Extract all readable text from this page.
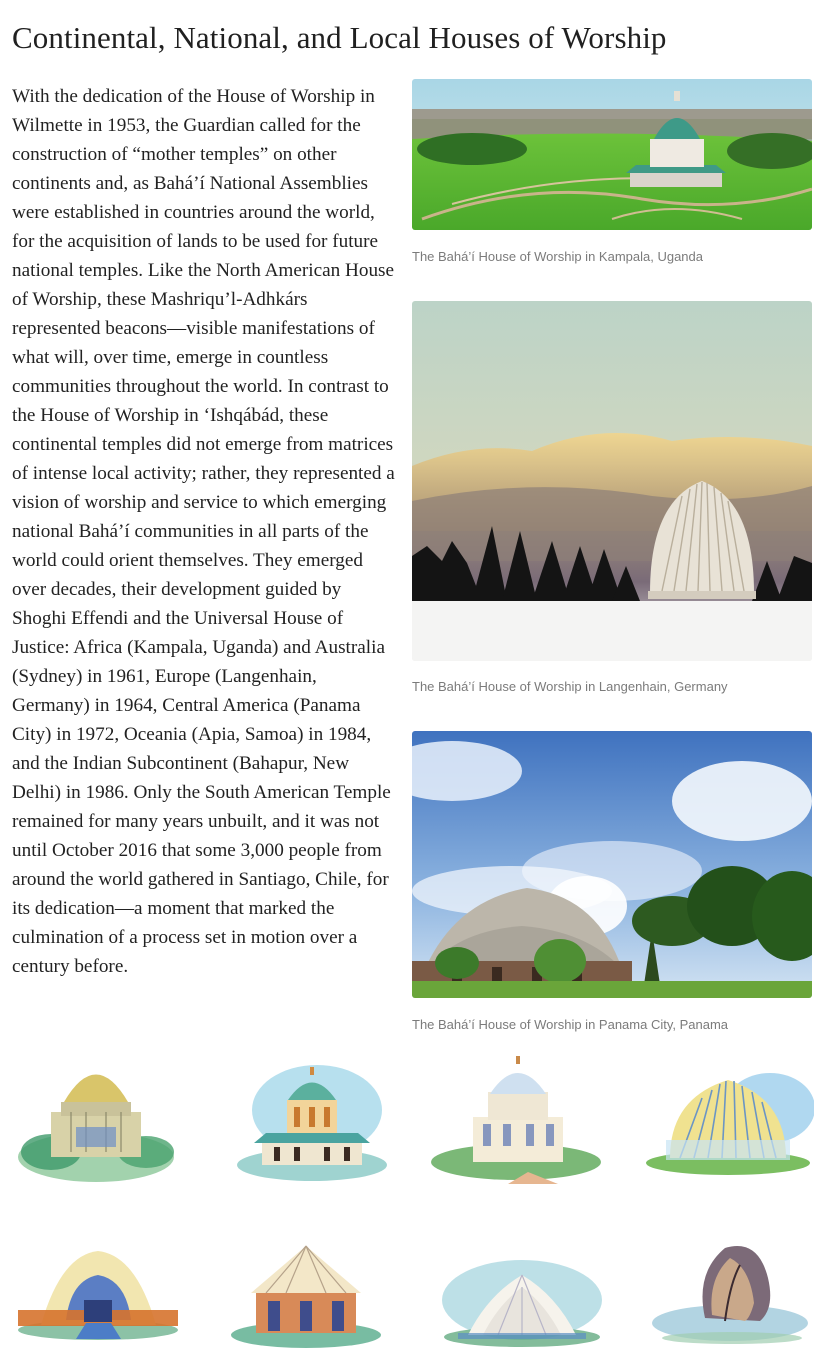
Continental, National, and Local Houses of Worship

With the dedication of the House of Worship in Wilmette in 1953, the Guardian called for the construction of “mother temples” on other continents and, as Bahá’í National Assemblies were established in countries around the world, for the acquisition of lands to be used for future national temples. Like the North American House of Worship, these Mashriqu’l-Adhkárs represented beacons—visible manifestations of what will, over time, emerge in countless communities throughout the world. In contrast to the House of Worship in ‘Ishqábád, these continental temples did not emerge from matrices of intense local activity; rather, they represented a vision of worship and service to which emerging national Bahá’í communities in all parts of the world could orient themselves. They emerged over decades, their development guided by Shoghi Effendi and the Universal House of Justice: Africa (Kampala, Uganda) and Australia (Sydney) in 1961, Europe (Langenhain, Germany) in 1964, Central America (Panama City) in 1972, Oceania (Apia, Samoa) in 1984, and the Indian Subcontinent (Bahapur, New Delhi) in 1986. Only the South American Temple remained for many years unbuilt, and it was not until October 2016 that some 3,000 people from around the world gathered in Santiago, Chile, for its dedication—a moment that marked the culmination of a process set in motion over a century before.

The Bahá’í House of Worship in Kampala, Uganda

The Bahá’í House of Worship in Langenhain, Germany

The Bahá’í House of Worship in Panama City, Panama
